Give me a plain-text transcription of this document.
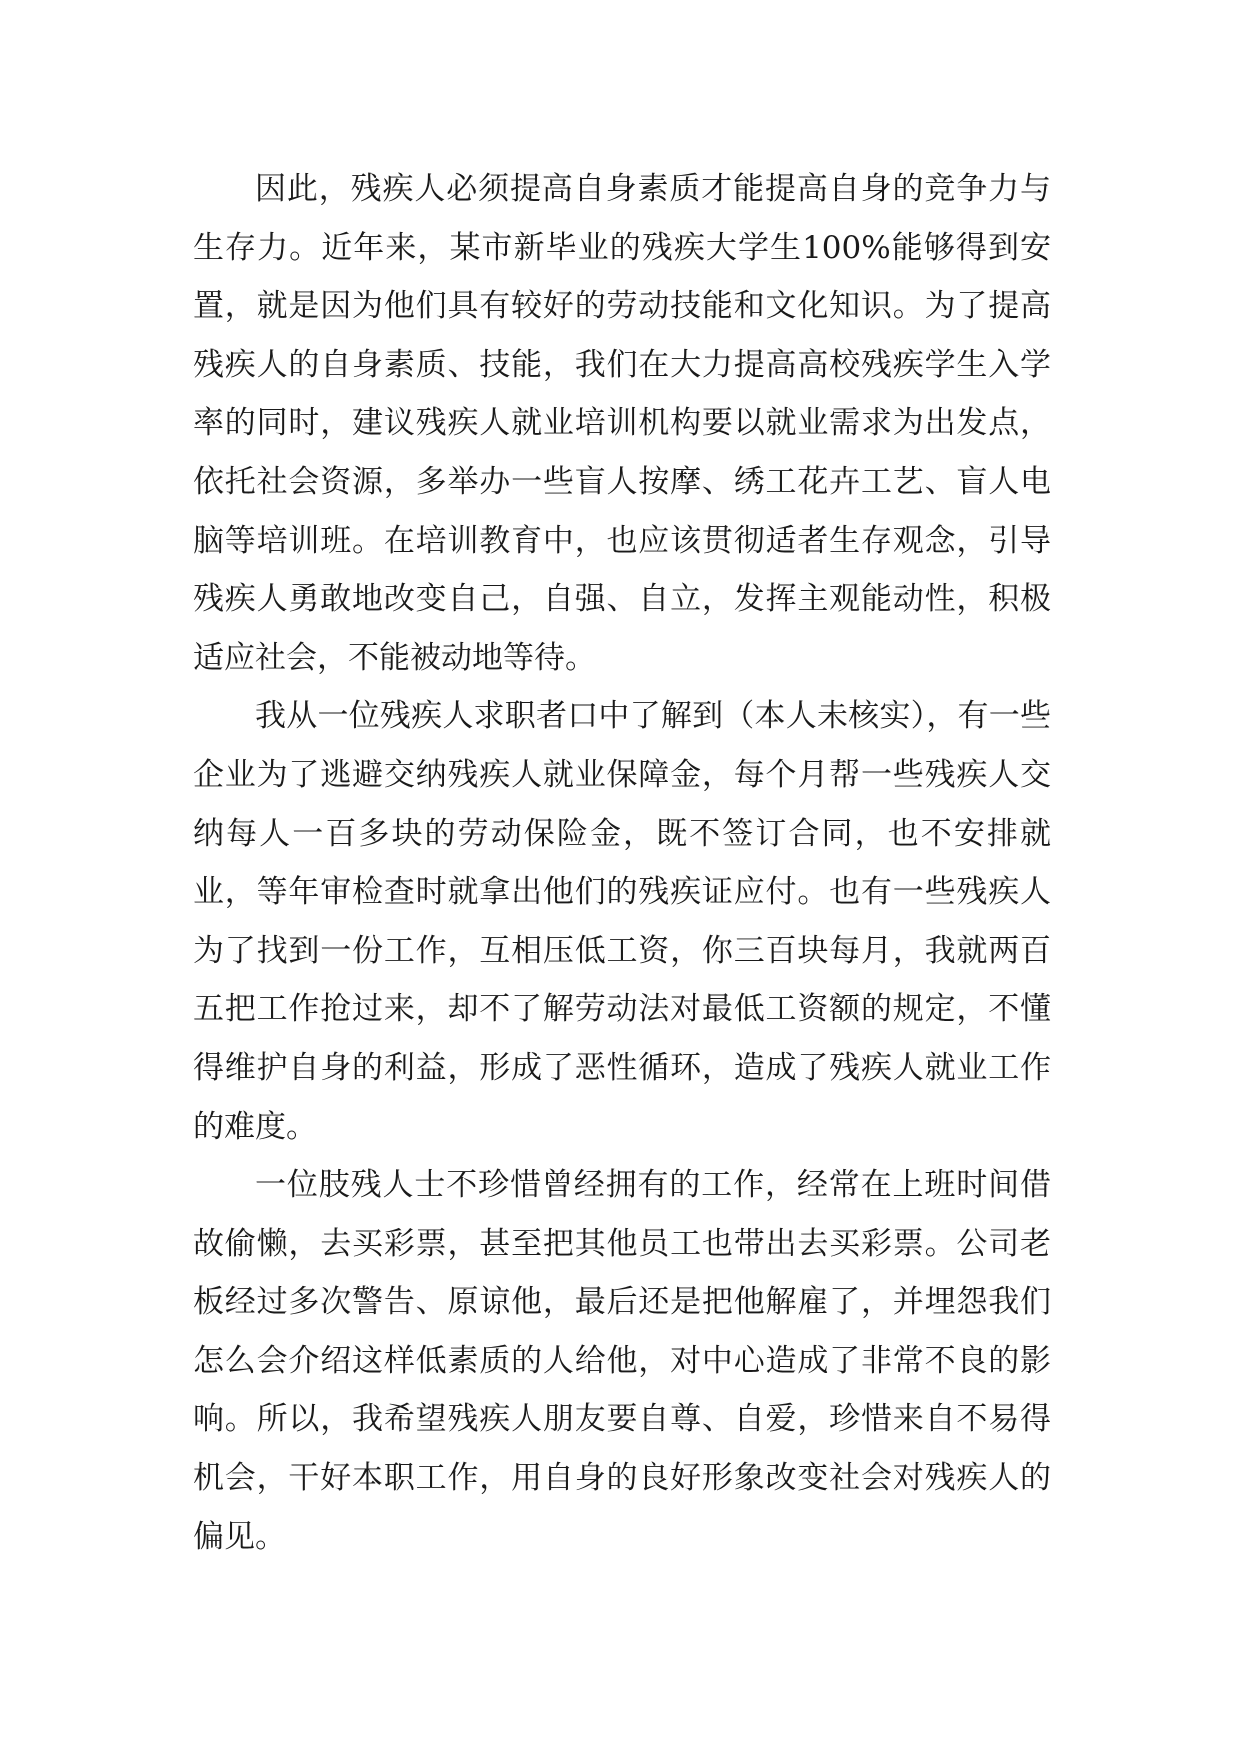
因此，残疾人必须提高自身素质才能提高自身的竞争力与生存力。近年来，某市新毕业的残疾大学生100%能够得到安置，就是因为他们具有较好的劳动技能和文化知识。为了提高残疾人的自身素质、技能，我们在大力提高高校残疾学生入学率的同时，建议残疾人就业培训机构要以就业需求为出发点，依托社会资源，多举办一些盲人按摩、绣工花卉工艺、盲人电脑等培训班。在培训教育中，也应该贯彻适者生存观念，引导残疾人勇敢地改变自己，自强、自立，发挥主观能动性，积极适应社会，不能被动地等待。

我从一位残疾人求职者口中了解到（本人未核实），有一些企业为了逃避交纳残疾人就业保障金，每个月帮一些残疾人交纳每人一百多块的劳动保险金，既不签订合同，也不安排就业，等年审检查时就拿出他们的残疾证应付。也有一些残疾人为了找到一份工作，互相压低工资，你三百块每月，我就两百五把工作抢过来，却不了解劳动法对最低工资额的规定，不懂得维护自身的利益，形成了恶性循环，造成了残疾人就业工作的难度。

一位肢残人士不珍惜曾经拥有的工作，经常在上班时间借故偷懒，去买彩票，甚至把其他员工也带出去买彩票。公司老板经过多次警告、原谅他，最后还是把他解雇了，并埋怨我们怎么会介绍这样低素质的人给他，对中心造成了非常不良的影响。所以，我希望残疾人朋友要自尊、自爱，珍惜来自不易得机会，干好本职工作，用自身的良好形象改变社会对残疾人的偏见。
